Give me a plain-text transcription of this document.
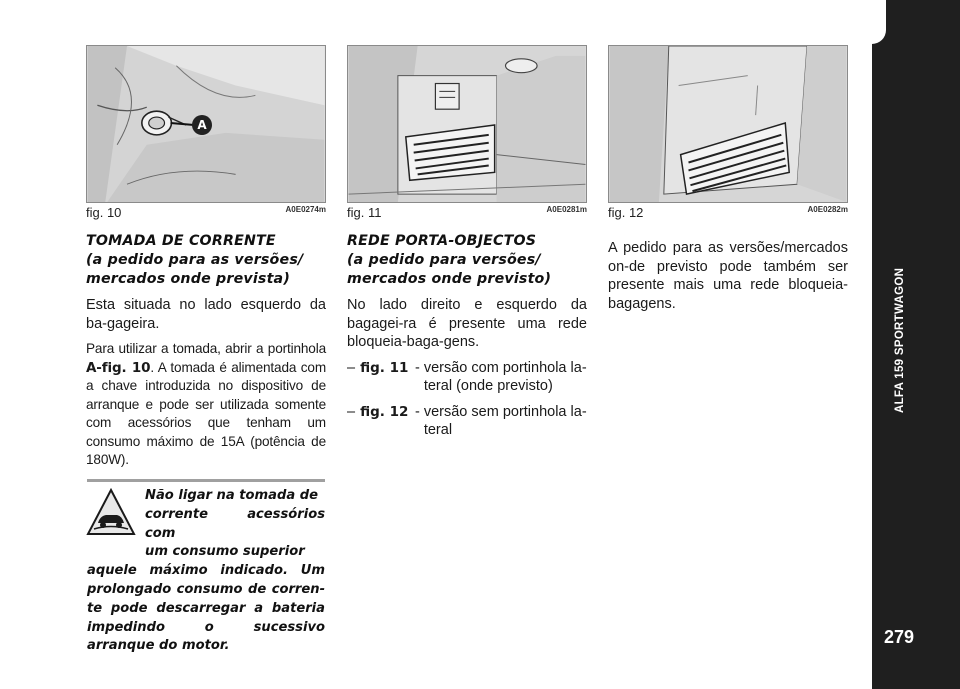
ALFA 159 SPORTWAGON
279
A
fig. 10	A0E0274m fig. 11	A0E0281m fig. 12	A0E0282m
TOMADA DE CORRENTE
(a pedido para as versões/
mercados onde prevista)
Esta situada no lado esquerdo da ba-gageira.
Para utilizar a tomada, abrir a portinhola A-fig. 10. A tomada é alimentada com a chave introduzida no dispositivo de arranque e pode ser utilizada somente com acessórios que tenham um consumo máximo de 15A (potência de 180W).
Não ligar na tomada de
corrente acessórios com
um consumo superior
aquele máximo indicado. Um prolongado consumo de corren-te pode descarregar a bateria impedindo o sucessivo arranque do motor.
REDE PORTA-OBJECTOS
(a pedido para versões/
mercados onde previsto)
No lado direito e esquerdo da bagagei-ra é presente uma rede bloqueia-baga-gens.
– fig. 11 - versão com portinhola la-teral (onde previsto)
– fig. 12 - versão sem portinhola la-teral
A pedido para as versões/mercados on-de previsto pode também ser presente mais uma rede bloqueia-bagagens.
